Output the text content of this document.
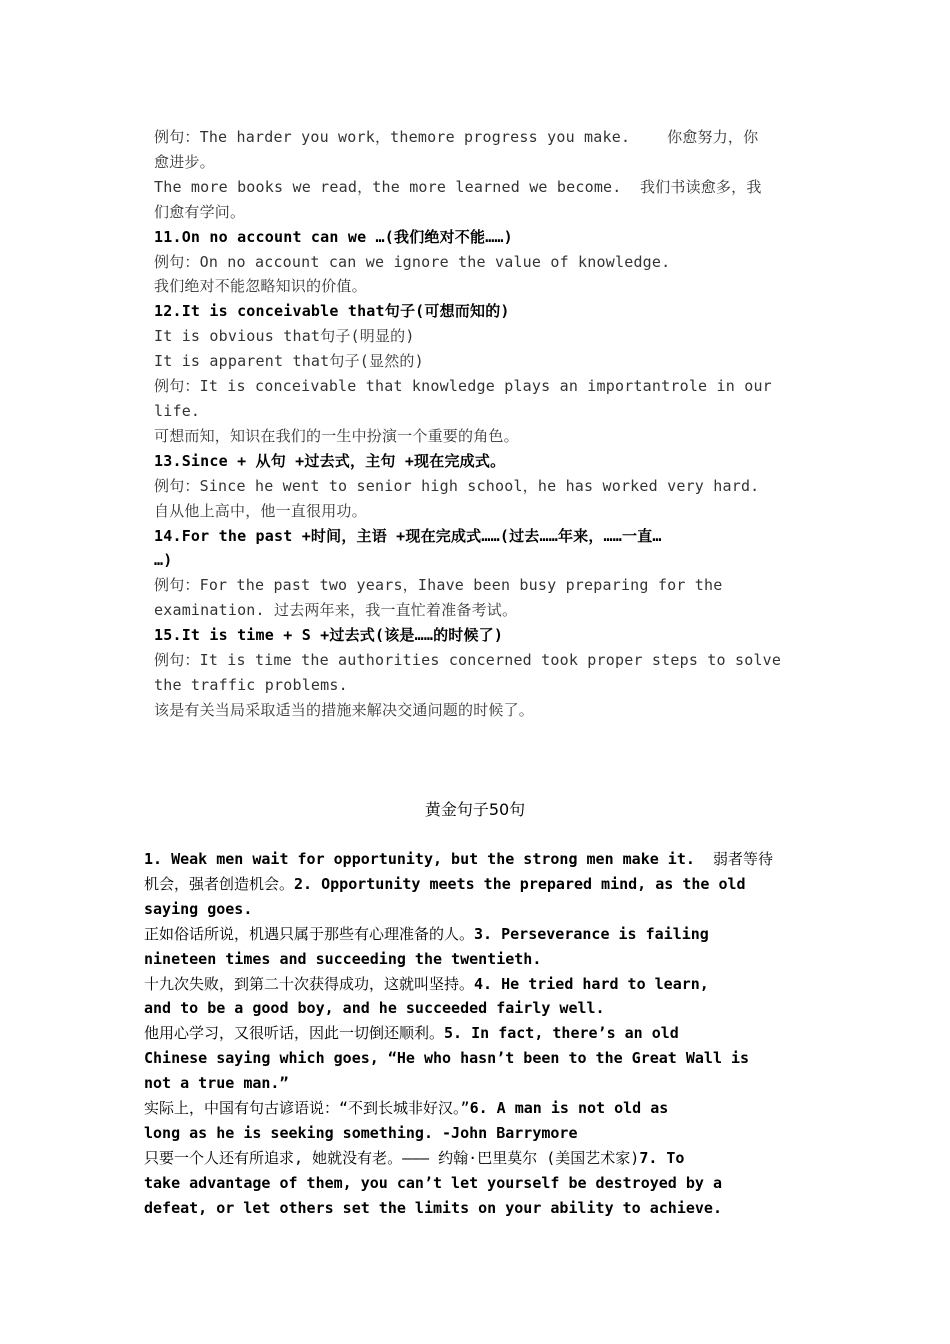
例句：The harder you work，themore progress you make.    你愈努力，你
愈进步。
The more books we read，the more learned we become.  我们书读愈多，我
们愈有学问。
11.On no account can we …(我们绝对不能……)
例句：On no account can we ignore the value of knowledge.
我们绝对不能忽略知识的价值。
12.It is conceivable that句子(可想而知的)
It is obvious that句子(明显的)
It is apparent that句子(显然的)
例句：It is conceivable that knowledge plays an importantrole in our
life.
可想而知，知识在我们的一生中扮演一个重要的角色。
13.Since + 从句 +过去式，主句 +现在完成式。
例句：Since he went to senior high school，he has worked very hard.
自从他上高中，他一直很用功。
14.For the past +时间，主语 +现在完成式……(过去……年来，……一直…
…)
例句：For the past two years，Ihave been busy preparing for the
examination. 过去两年来，我一直忙着准备考试。
15.It is time + S +过去式(该是……的时候了)
例句：It is time the authorities concerned took proper steps to solve
the traffic problems.
该是有关当局采取适当的措施来解决交通问题的时候了。
黄金句子50句
1. Weak men wait for opportunity, but the strong men make it.  弱者等待
机会，强者创造机会。2. Opportunity meets the prepared mind, as the old
saying goes.
正如俗话所说，机遇只属于那些有心理准备的人。3. Perseverance is failing
nineteen times and succeeding the twentieth.
十九次失败，到第二十次获得成功，这就叫坚持。4. He tried hard to learn,
and to be a good boy, and he succeeded fairly well.
他用心学习，又很听话，因此一切倒还顺利。5. In fact, there’s an old
Chinese saying which goes, “He who hasn’t been to the Great Wall is
not a true man.”
实际上，中国有句古谚语说：“不到长城非好汉。”6. A man is not old as
long as he is seeking something. -John Barrymore
只要一个人还有所追求, 她就没有老。——— 约翰·巴里莫尔 (美国艺术家)7. To
take advantage of them, you can’t let yourself be destroyed by a
defeat, or let others set the limits on your ability to achieve.
